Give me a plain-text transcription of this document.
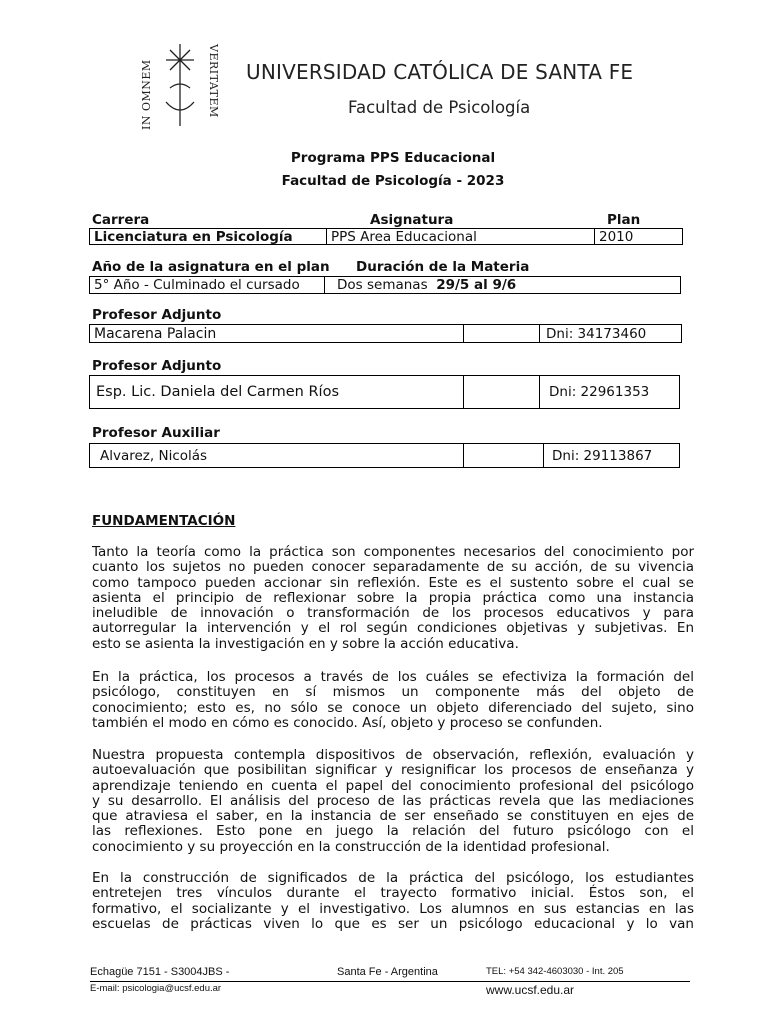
IN OMNEM	VERITATEM UNIVERSIDAD CATÓLICA DE SANTA FE
Facultad de Psicología
Programa PPS Educacional
Facultad de Psicología - 2023
Carrera	Asignatura	Plan
Licenciatura en Psicología	PPS Area Educacional	2010
Año de la asignatura en el plan Duración de la Materia
5° Año - Culminado el cursado	Dos semanas
29/5 al 9/6
Profesor Adjunto
Macarena Palacin	Dni: 34173460
Profesor Adjunto
Esp. Lic. Daniela del Carmen Ríos	Dni: 22961353
Profesor Auxiliar
Alvarez, Nicolás	Dni: 29113867
FUNDAMENTACIÓN
Tanto la teoría como la práctica son componentes necesarios del conocimiento por
cuanto los sujetos no pueden conocer separadamente de su acción, de su vivencia
como tampoco pueden accionar sin reflexión. Este es el sustento sobre el cual se
asienta el principio de reflexionar sobre la propia práctica como una instancia
ineludible de innovación o transformación de los procesos educativos y para
autorregular la intervención y el rol según condiciones objetivas y subjetivas. En
esto se asienta la investigación en y sobre la acción educativa.
En la práctica, los procesos a través de los cuáles se efectiviza la formación del
psicólogo, constituyen en sí mismos un componente más del objeto de
conocimiento; esto es, no sólo se conoce un objeto diferenciado del sujeto, sino
también el modo en cómo es conocido. Así, objeto y proceso se confunden.
Nuestra propuesta contempla dispositivos de observación, reflexión, evaluación y
autoevaluación que posibilitan significar y resignificar los procesos de enseñanza y
aprendizaje teniendo en cuenta el papel del conocimiento profesional del psicólogo
y su desarrollo. El análisis del proceso de las prácticas revela que las mediaciones
que atraviesa el saber, en la instancia de ser enseñado se constituyen en ejes de
las reflexiones. Esto pone en juego la relación del futuro psicólogo con el
conocimiento y su proyección en la construcción de la identidad profesional.
En la construcción de significados de la práctica del psicólogo, los estudiantes
entretejen tres vínculos durante el trayecto formativo inicial. Éstos son, el
formativo, el socializante y el investigativo. Los alumnos en sus estancias en las
escuelas de prácticas viven lo que es ser un psicólogo educacional y lo van
Echagüe 7151 - S3004JBS -	Santa Fe - Argentina	TEL: +54 342-4603030 - Int. 205
E-mail: psicologia@ucsf.edu.ar	www.ucsf.edu.ar
